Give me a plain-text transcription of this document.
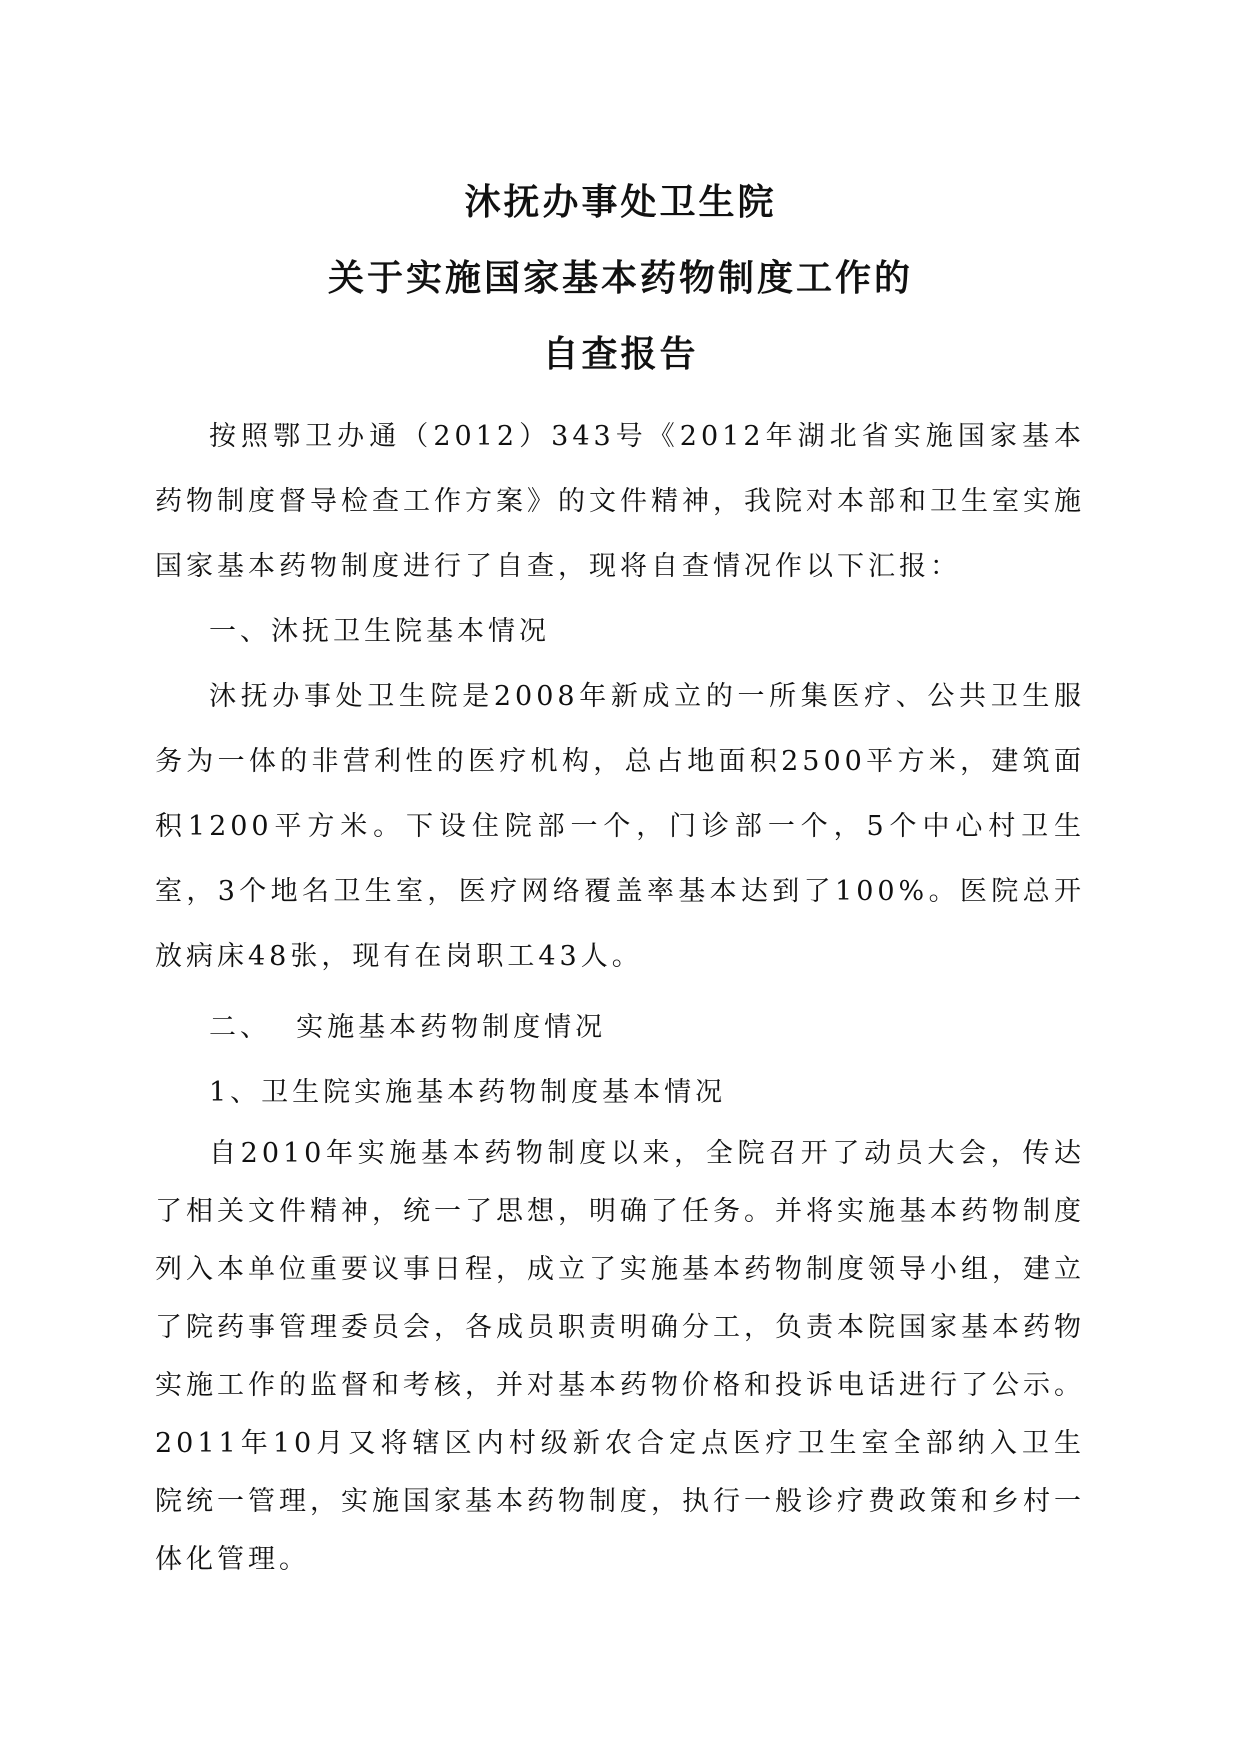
沐抚办事处卫生院

关于实施国家基本药物制度工作的

自查报告

按照鄂卫办通（2012）343号《2012年湖北省实施国家基本药物制度督导检查工作方案》的文件精神，我院对本部和卫生室实施国家基本药物制度进行了自查，现将自查情况作以下汇报：

一、沐抚卫生院基本情况

沐抚办事处卫生院是2008年新成立的一所集医疗、公共卫生服务为一体的非营利性的医疗机构，总占地面积2500平方米，建筑面积1200平方米。下设住院部一个，门诊部一个，5个中心村卫生室，3个地名卫生室，医疗网络覆盖率基本达到了100%。医院总开放病床48张，现有在岗职工43人。

二、  实施基本药物制度情况

1、卫生院实施基本药物制度基本情况

自2010年实施基本药物制度以来，全院召开了动员大会，传达了相关文件精神，统一了思想，明确了任务。并将实施基本药物制度列入本单位重要议事日程，成立了实施基本药物制度领导小组，建立了院药事管理委员会，各成员职责明确分工，负责本院国家基本药物实施工作的监督和考核，并对基本药物价格和投诉电话进行了公示。2011年10月又将辖区内村级新农合定点医疗卫生室全部纳入卫生院统一管理，实施国家基本药物制度，执行一般诊疗费政策和乡村一体化管理。
